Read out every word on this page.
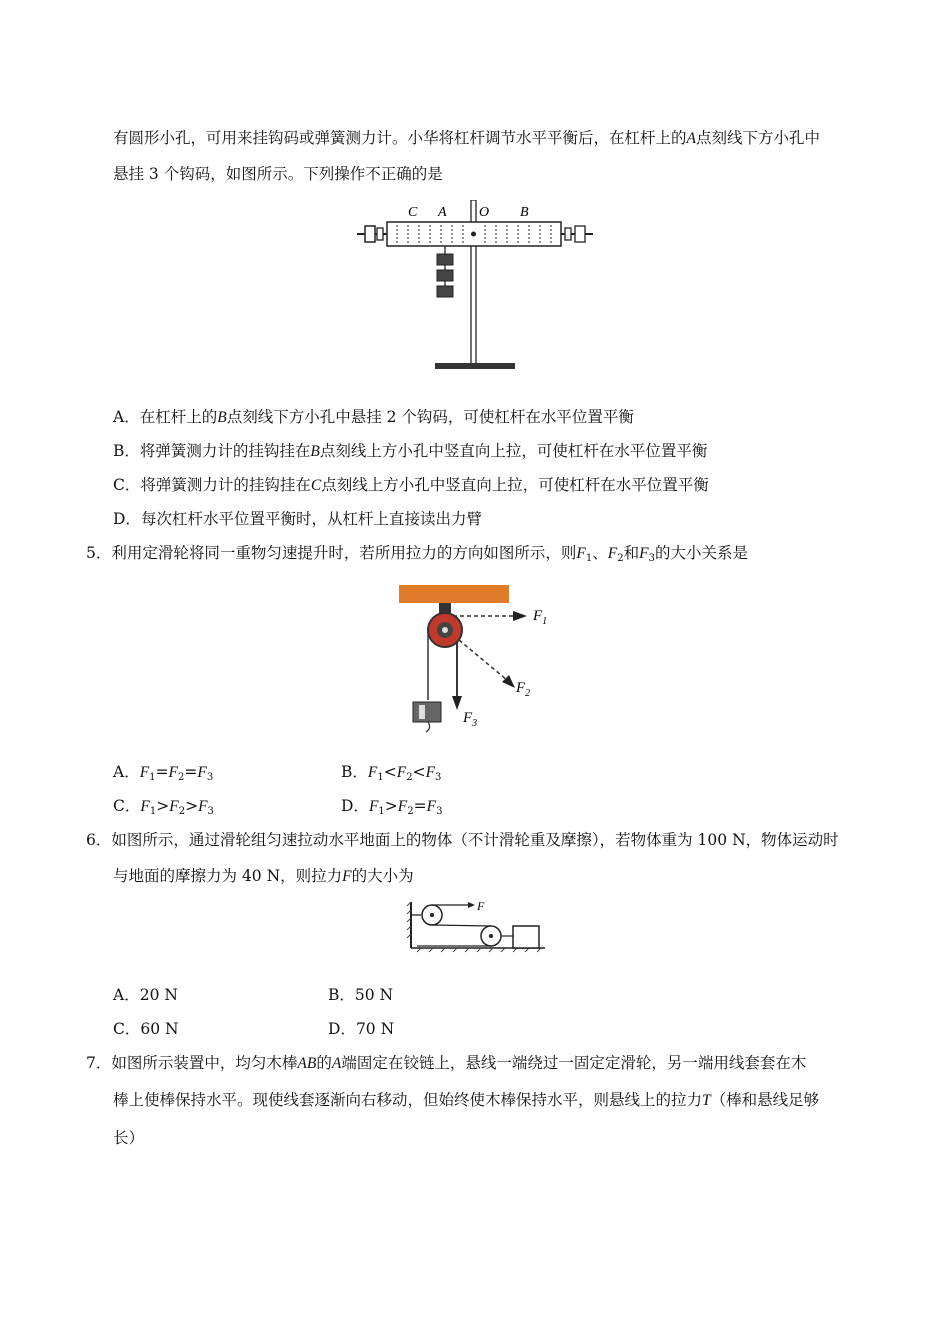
有圆形小孔，可用来挂钩码或弹簧测力计。小华将杠杆调节水平平衡后，在杠杆上的A点刻线下方小孔中
悬挂 3 个钩码，如图所示。下列操作不正确的是
C A O B
A．在杠杆上的B点刻线下方小孔中悬挂 2 个钩码，可使杠杆在水平位置平衡
B．将弹簧测力计的挂钩挂在B点刻线上方小孔中竖直向上拉，可使杠杆在水平位置平衡
C．将弹簧测力计的挂钩挂在C点刻线上方小孔中竖直向上拉，可使杠杆在水平位置平衡
D．每次杠杆水平位置平衡时，从杠杆上直接读出力臂
5．利用定滑轮将同一重物匀速提升时，若所用拉力的方向如图所示，则$F_1$、$F_2$和$F_3$的大小关系是
$F_1$
$F_2$
$F_3$
A．$F_1=F_2=F_3$	B．$F_1<F_2<F_3$
C．$F_1>F_2>F_3$	D．$F_1>F_2=F_3$
6．如图所示，通过滑轮组匀速拉动水平地面上的物体（不计滑轮重及摩擦），若物体重为 100 N，物体运动时
与地面的摩擦力为 40 N，则拉力F的大小为
F
A．20 N	B．50 N
C．60 N	D．70 N
7．如图所示装置中，均匀木棒AB的A端固定在铰链上，悬线一端绕过一固定定滑轮，另一端用线套套在木
棒上使棒保持水平。现使线套逐渐向右移动，但始终使木棒保持水平，则悬线上的拉力T（棒和悬线足够
长）
